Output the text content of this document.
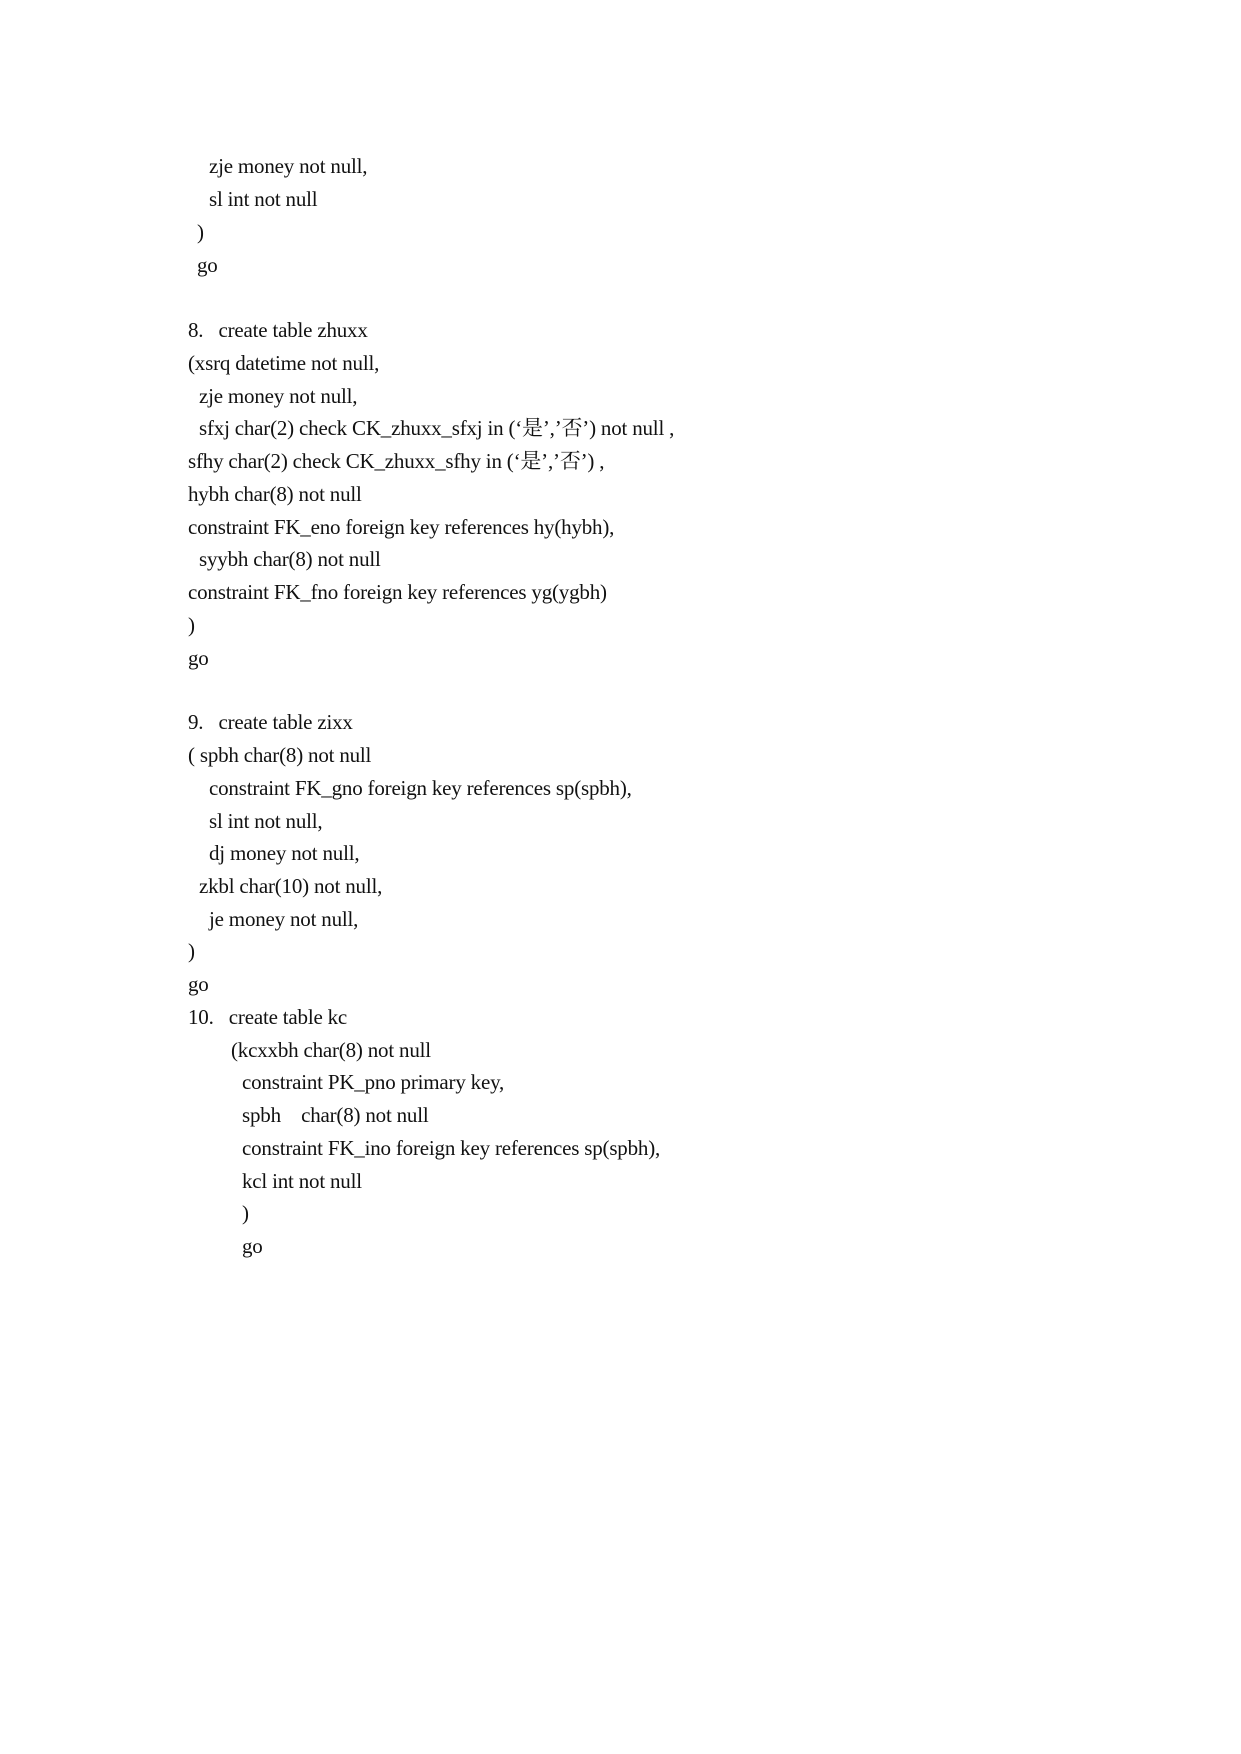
zje money not null,
sl int not null
)
go
8.   create table zhuxx
(xsrq datetime not null,
zje money not null,
sfxj char(2) check CK_zhuxx_sfxj in (‘是’,’否’) not null ,
sfhy char(2) check CK_zhuxx_sfhy in (‘是’,’否’) ,
hybh char(8) not null
constraint FK_eno foreign key references hy(hybh),
syybh char(8) not null
constraint FK_fno foreign key references yg(ygbh)
)
go
9.   create table zixx
( spbh char(8) not null
constraint FK_gno foreign key references sp(spbh),
sl int not null,
dj money not null,
zkbl char(10) not null,
je money not null,
)
go
10.   create table kc
(kcxxbh char(8) not null
constraint PK_pno primary key,
spbh    char(8) not null
constraint FK_ino foreign key references sp(spbh),
kcl int not null
)
go
